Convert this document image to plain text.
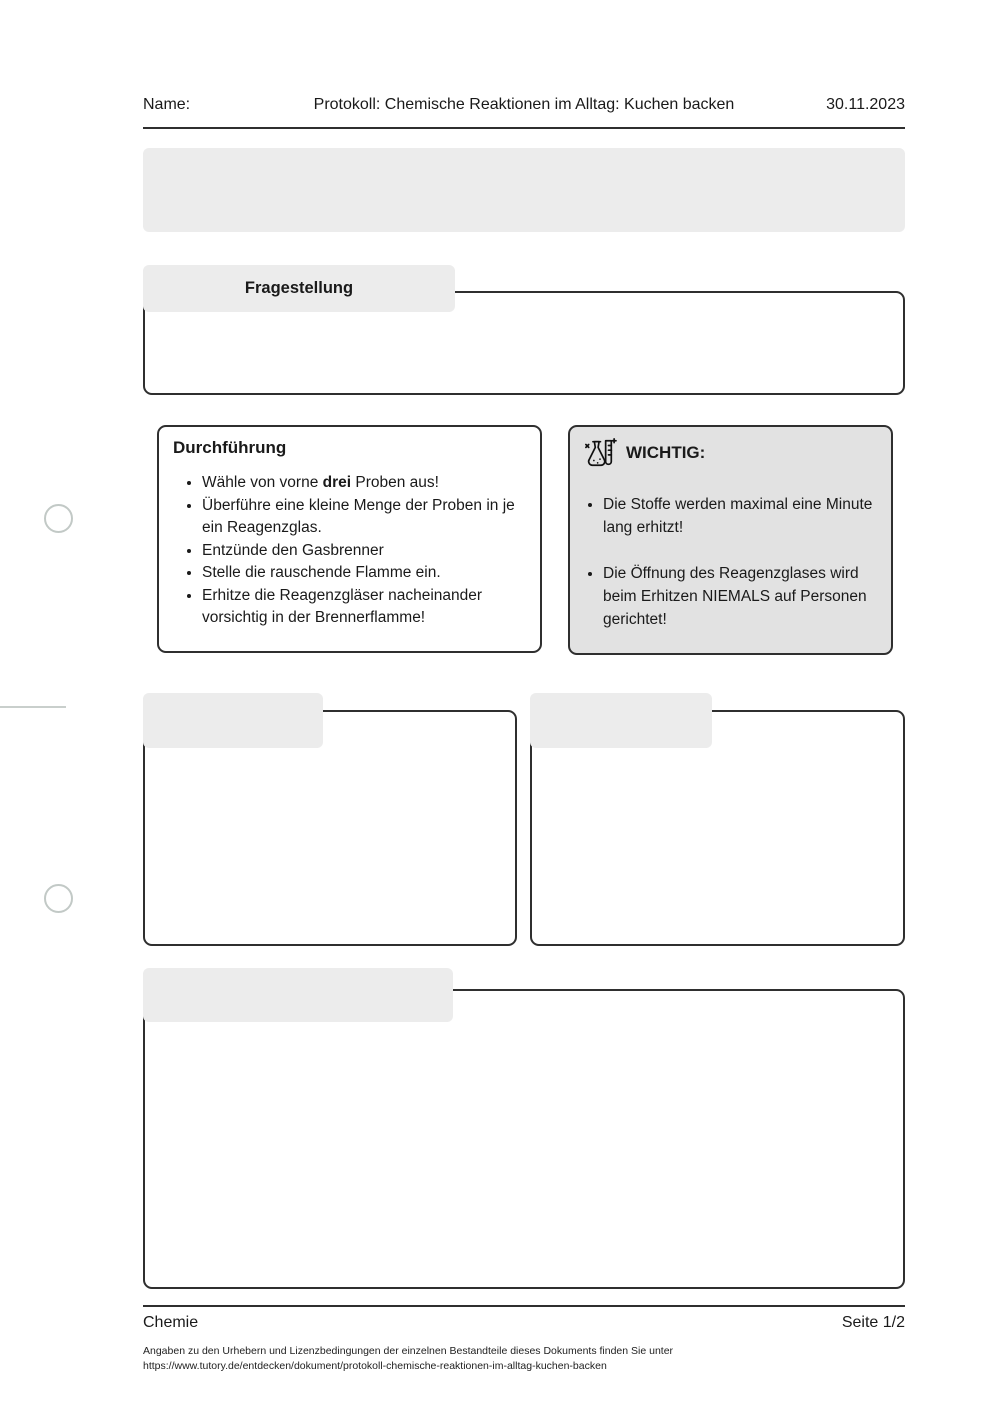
Name:	Protokoll: Chemische Reaktionen im Alltag: Kuchen backen	30.11.2023
Fragestellung
Durchführung
• Wähle von vorne drei Proben aus!
• Überführe eine kleine Menge der Proben in je ein Reagenzglas.
• Entzünde den Gasbrenner
• Stelle die rauschende Flamme ein.
• Erhitze die Reagenzgläser nacheinander vorsichtig in der Brennerflamme!
WICHTIG:
• Die Stoffe werden maximal eine Minute lang erhitzt!
• Die Öffnung des Reagenzglases wird beim Erhitzen NIEMALS auf Personen gerichtet!
Chemie	Seite 1/2
Angaben zu den Urhebern und Lizenzbedingungen der einzelnen Bestandteile dieses Dokuments finden Sie unter
https://www.tutory.de/entdecken/dokument/protokoll-chemische-reaktionen-im-alltag-kuchen-backen
